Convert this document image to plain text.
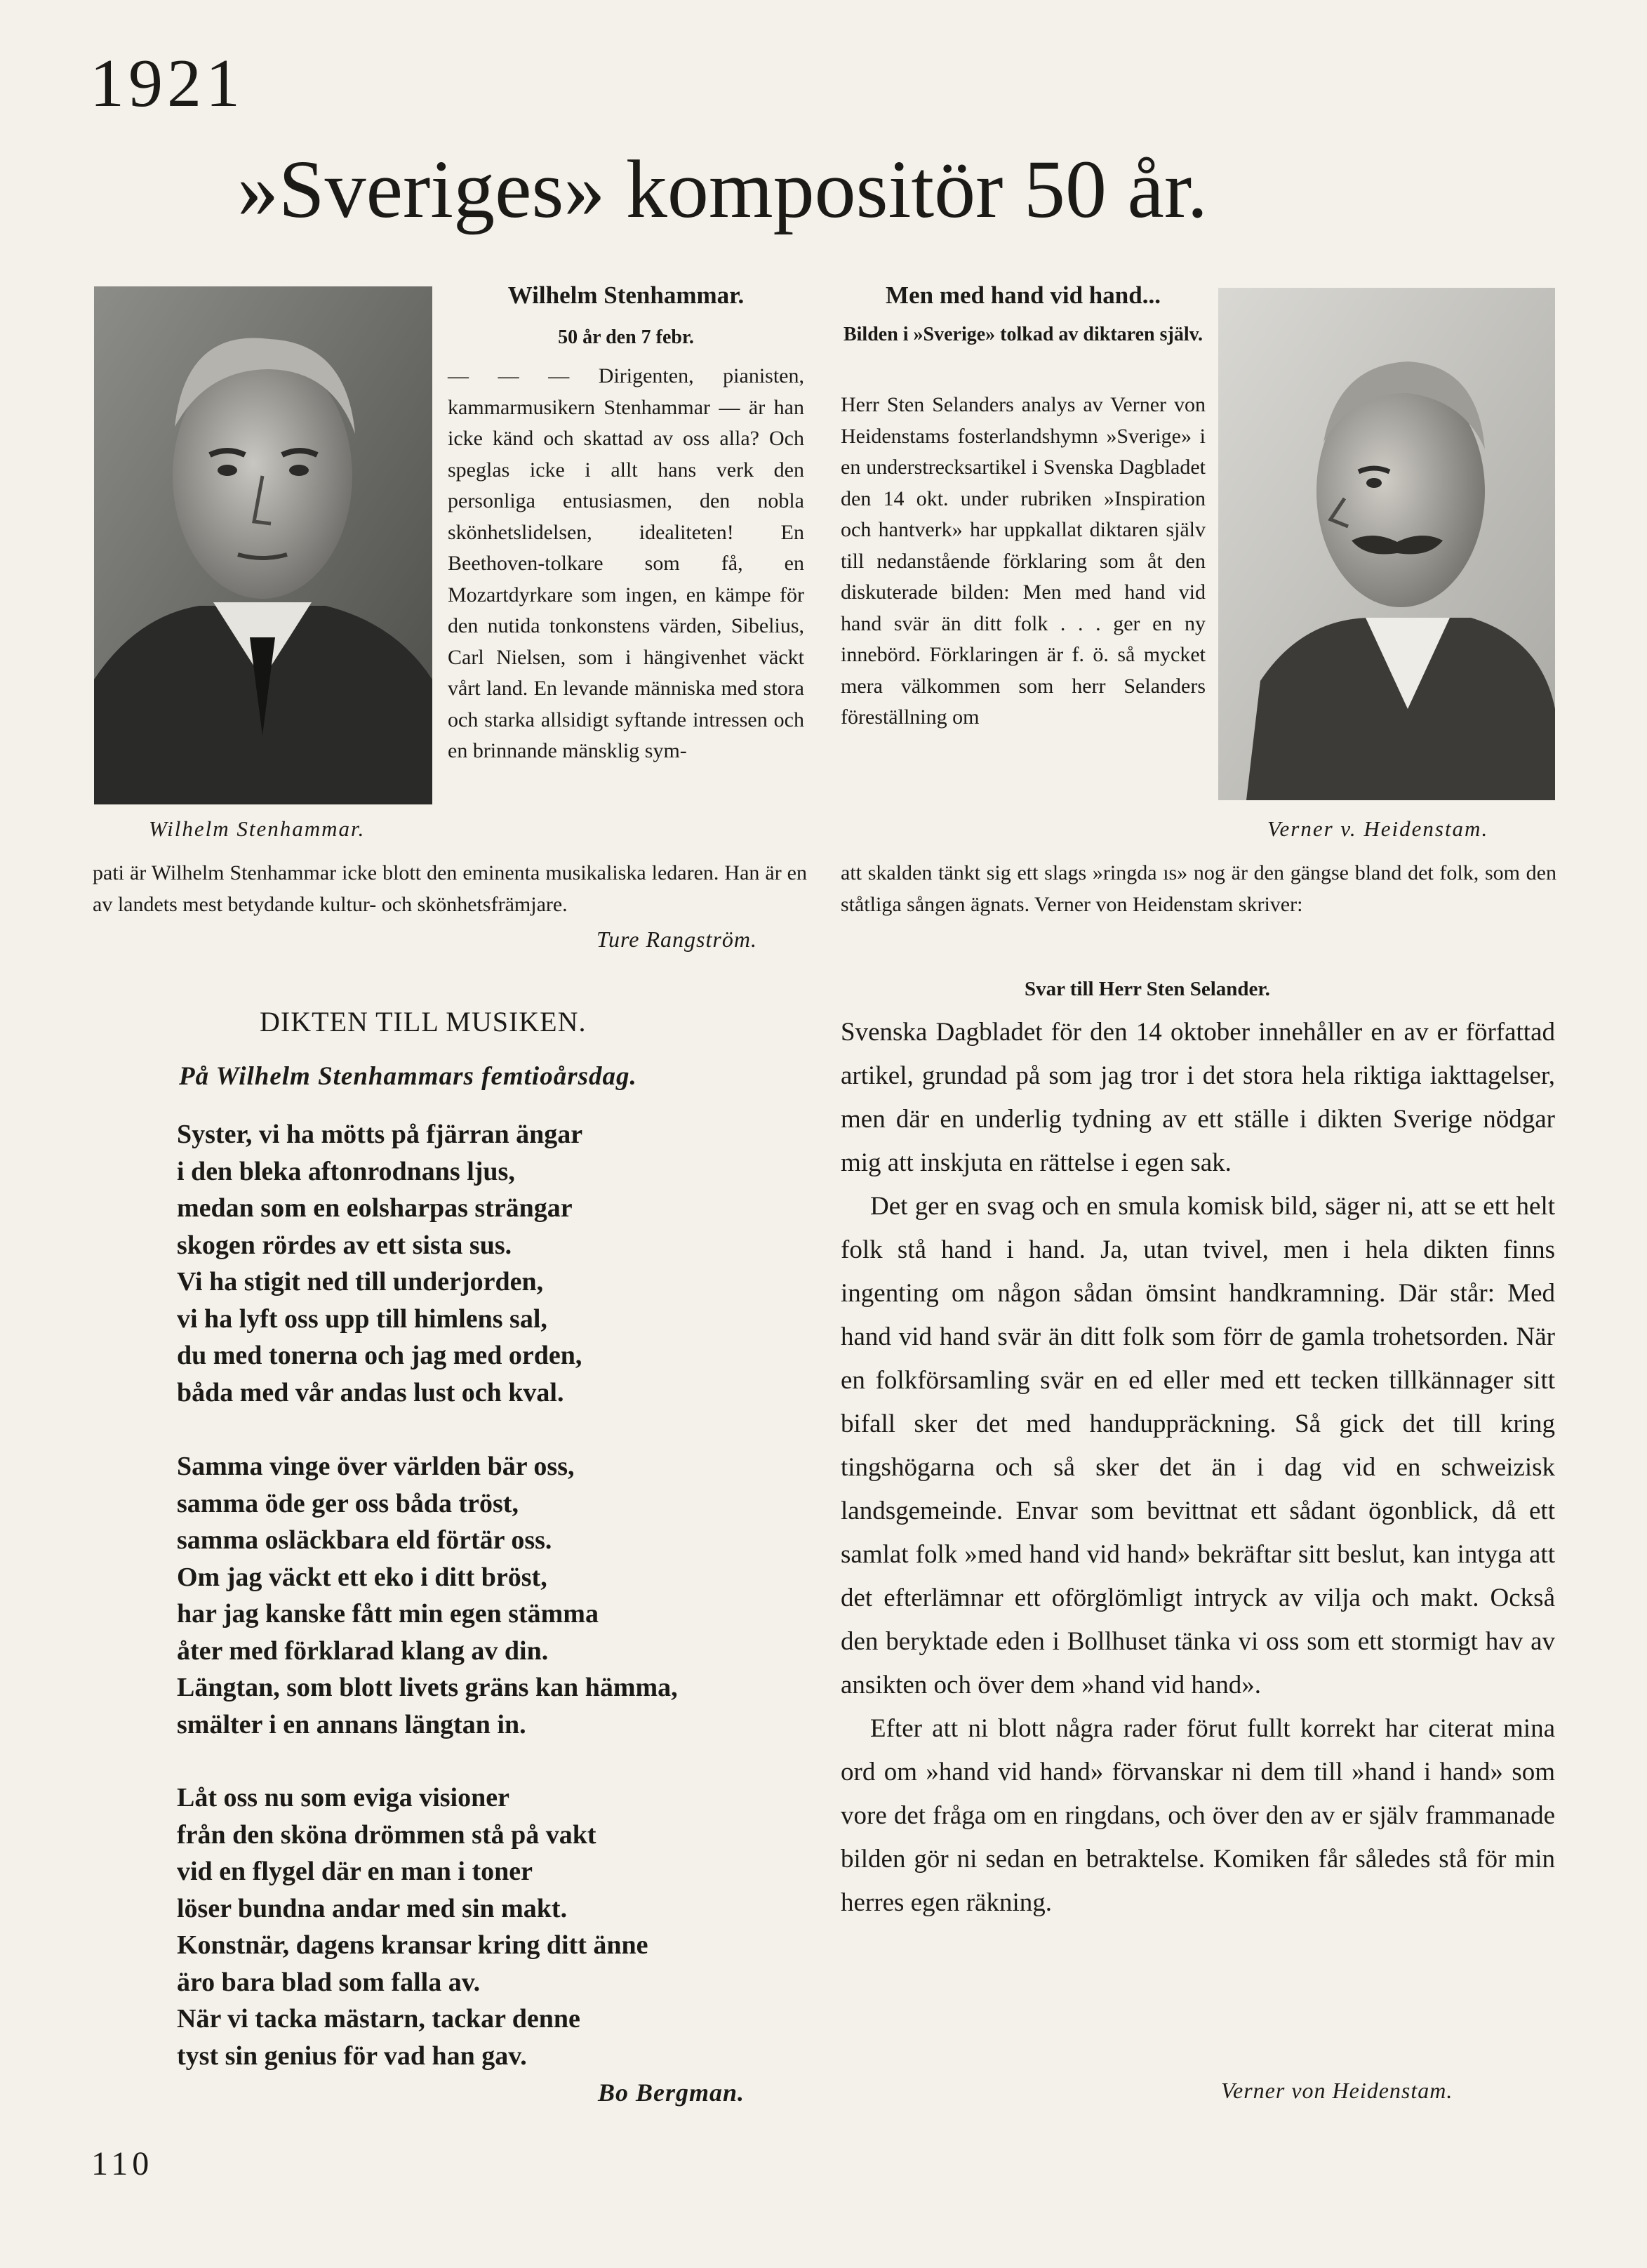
1921
»Sveriges» kompositör 50 år.
Wilhelm Stenhammar.	Verner v. Heidenstam.
Wilhelm Stenhammar.
50 år den 7 febr.

— — — Dirigenten, pianisten, kammarmusikern Stenhammar — är han icke känd och skattad av oss alla? Och speglas icke i allt hans verk den personliga entusiasmen, den nobla skönhetslidelsen, idealiteten! En Beethoven-tolkare som få, en Mozartdyrkare som ingen, en kämpe för den nutida tonkonstens värden, Sibelius, Carl Nielsen, som i hängivenhet väckt vårt land. En levande människa med stora och starka allsidigt syftande intressen och en brinnande mänsklig sym-

pati är Wilhelm Stenhammar icke blott den eminenta musikaliska ledaren. Han är en av landets mest betydande kultur- och skönhetsfrämjare.

Ture Rangström.
Men med hand vid hand...
Bilden i »Sverige» tolkad av diktaren själv.

Herr Sten Selanders analys av Verner von Heidenstams fosterlandshymn »Sverige» i en understrecksartikel i Svenska Dagbladet den 14 okt. under rubriken »Inspiration och hantverk» har uppkallat diktaren själv till nedanstående förklaring som åt den diskuterade bilden: Men med hand vid hand svär än ditt folk . . . ger en ny innebörd. Förklaringen är f. ö. så mycket mera välkommen som herr Selanders föreställning om

att skalden tänkt sig ett slags »ringda ıs» nog är den gängse bland det folk, som den ståtliga sången ägnats. Verner von Heidenstam skriver:

DIKTEN TILL MUSIKEN.
På Wilhelm Stenhammars femtioårsdag.
Syster, vi ha mötts på fjärran ängar
i den bleka aftonrodnans ljus,
medan som en eolsharpas strängar
skogen rördes av ett sista sus.
Vi ha stigit ned till underjorden,
vi ha lyft oss upp till himlens sal,
du med tonerna och jag med orden,
båda med vår andas lust och kval.
Samma vinge över världen bär oss,
samma öde ger oss båda tröst,
samma osläckbara eld förtär oss.
Om jag väckt ett eko i ditt bröst,
har jag kanske fått min egen stämma
åter med förklarad klang av din.
Längtan, som blott livets gräns kan hämma,
smälter i en annans längtan in.
Låt oss nu som eviga visioner
från den sköna drömmen stå på vakt
vid en flygel där en man i toner
löser bundna andar med sin makt.
Konstnär, dagens kransar kring ditt änne
äro bara blad som falla av.
När vi tacka mästarn, tackar denne
tyst sin genius för vad han gav.
Bo Bergman.
Svar till Herr Sten Selander.

Svenska Dagbladet för den 14 oktober innehåller en av er författad artikel, grundad på som jag tror i det stora hela riktiga iakttagelser, men där en underlig tydning av ett ställe i dikten Sverige nödgar mig att inskjuta en rättelse i egen sak.

Det ger en svag och en smula komisk bild, säger ni, att se ett helt folk stå hand i hand. Ja, utan tvivel, men i hela dikten finns ingenting om någon sådan ömsint handkramning. Där står: Med hand vid hand svär än ditt folk som förr de gamla trohetsorden. När en folkförsamling svär en ed eller med ett tecken tillkännager sitt bifall sker det med handuppräckning. Så gick det till kring tingshögarna och så sker det än i dag vid en schweizisk landsgemeinde. Envar som bevittnat ett sådant ögonblick, då ett samlat folk »med hand vid hand» bekräftar sitt beslut, kan intyga att det efterlämnar ett oförglömligt intryck av vilja och makt. Också den beryktade eden i Bollhuset tänka vi oss som ett stormigt hav av ansikten och över dem »hand vid hand».

Efter att ni blott några rader förut fullt korrekt har citerat mina ord om »hand vid hand» förvanskar ni dem till »hand i hand» som vore det fråga om en ringdans, och över den av er själv frammanade bilden gör ni sedan en betraktelse. Komiken får således stå för min herres egen räkning.

Verner von Heidenstam.
110
